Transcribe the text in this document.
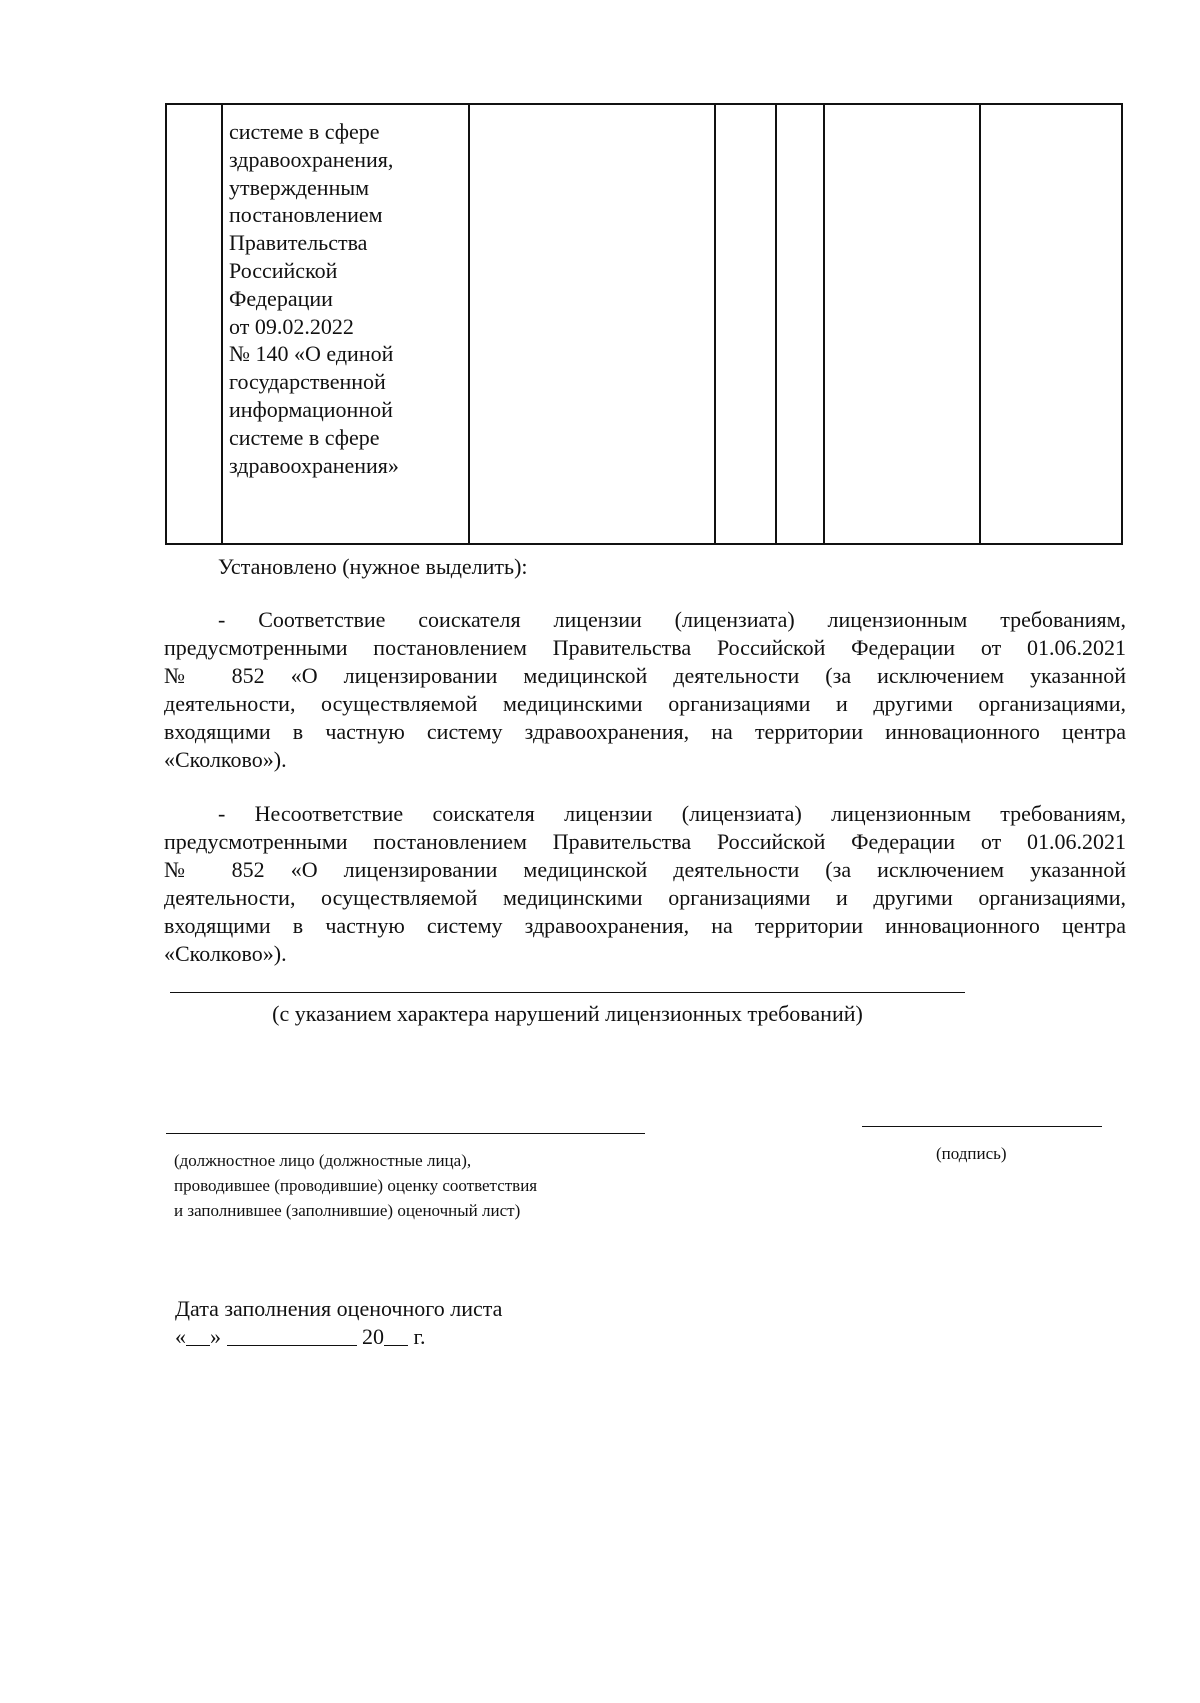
системе в сфере
здравоохранения,
утвержденным
постановлением
Правительства
Российской
Федерации
от 09.02.2022
№ 140 «О единой
государственной
информационной
системе в сфере
здравоохранения»
Установлено (нужное выделить):
- Соответствие соискателя лицензии (лицензиата) лицензионным требованиям,
предусмотренными постановлением Правительства Российской Федерации от 01.06.2021
№ 852 «О лицензировании медицинской деятельности (за исключением указанной
деятельности, осуществляемой медицинскими организациями и другими организациями,
входящими в частную систему здравоохранения, на территории инновационного центра
«Сколково»).
- Несоответствие соискателя лицензии (лицензиата) лицензионным требованиям,
предусмотренными постановлением Правительства Российской Федерации от 01.06.2021
№ 852 «О лицензировании медицинской деятельности (за исключением указанной
деятельности, осуществляемой медицинскими организациями и другими организациями,
входящими в частную систему здравоохранения, на территории инновационного центра
«Сколково»).
(с указанием характера нарушений лицензионных требований)
(должностное лицо (должностные лица),
проводившее (проводившие) оценку соответствия
и заполнившее (заполнившие) оценочный лист)
(подпись)
Дата заполнения оценочного листа
« »	20 г.
